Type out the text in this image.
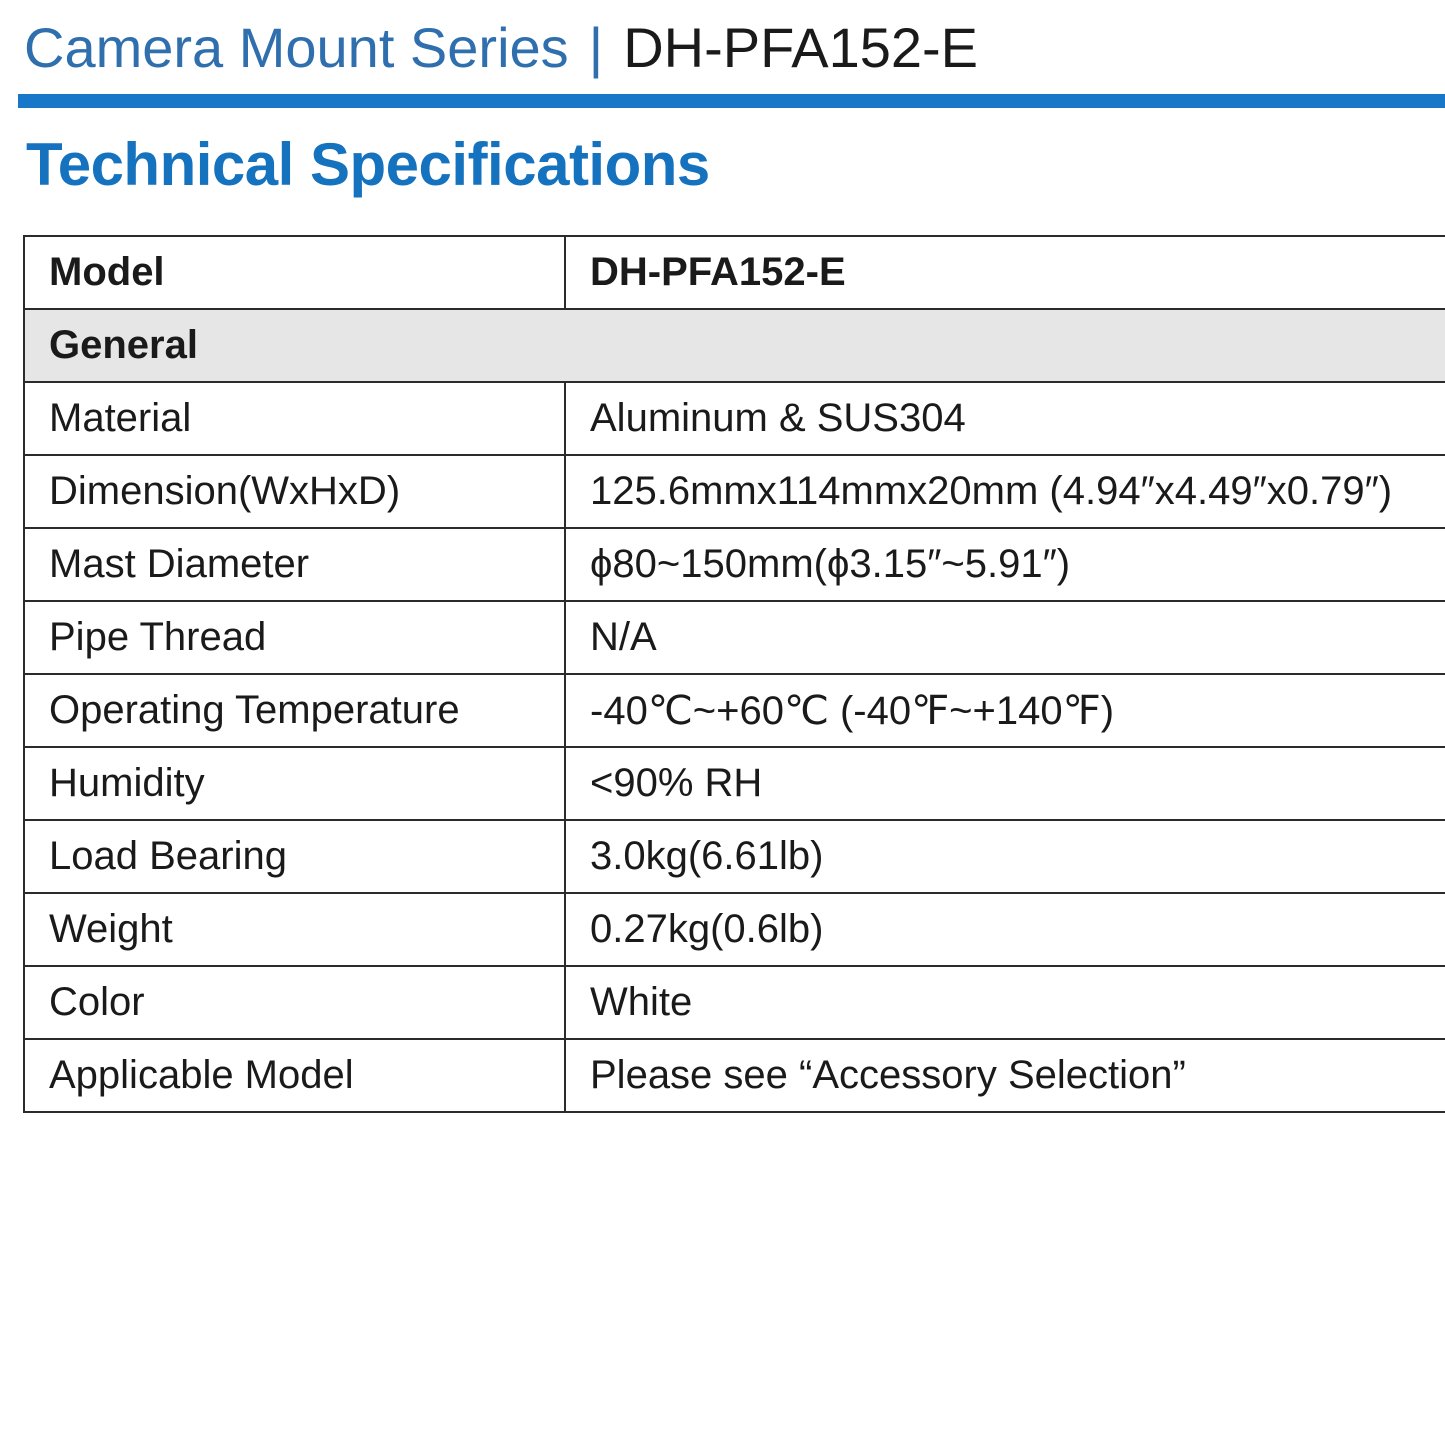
Camera Mount Series | DH-PFA152-E
Technical Specifications
Model	DH-PFA152-E
General	
Material	Aluminum & SUS304
Dimension(WxHxD)	125.6mmx114mmx20mm (4.94″x4.49″x0.79″)
Mast Diameter	ϕ80~150mm(ϕ3.15″~5.91″)
Pipe Thread	N/A
Operating Temperature	-40℃~+60℃ (-40℉~+140℉)
Humidity	<90% RH
Load Bearing	3.0kg(6.61lb)
Weight	0.27kg(0.6lb)
Color	White
Applicable Model	Please see “Accessory Selection”
